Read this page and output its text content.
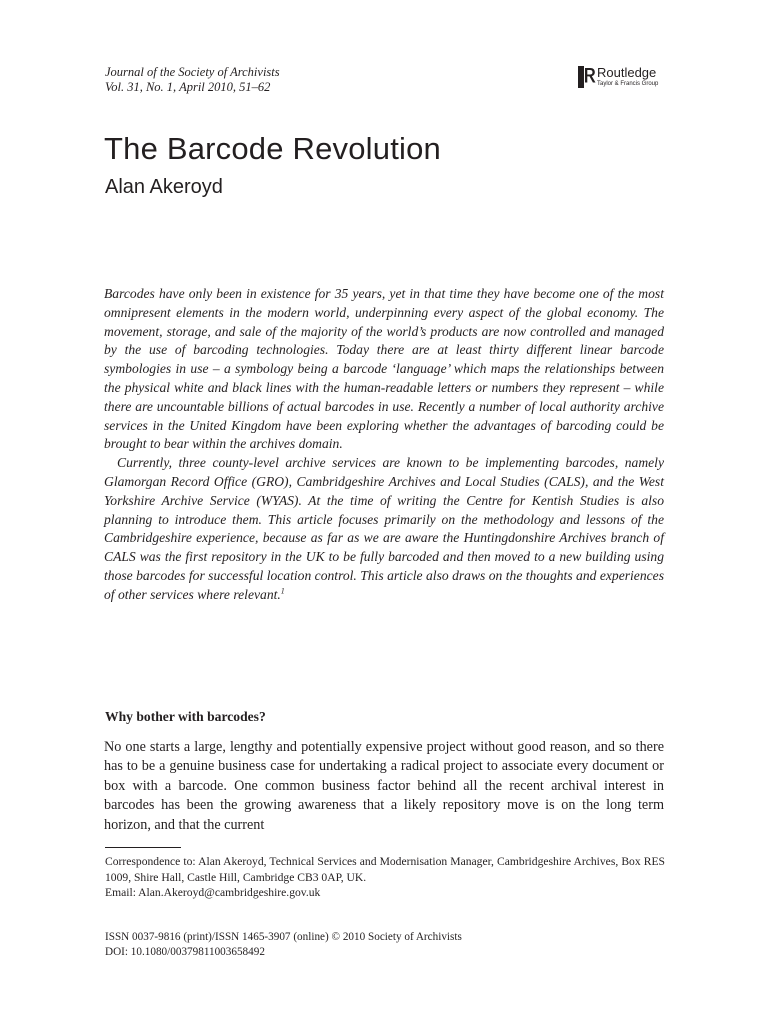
Journal of the Society of Archivists
Vol. 31, No. 1, April 2010, 51–62
Routledge
Taylor & Francis Group
The Barcode Revolution
Alan Akeroyd

Barcodes have only been in existence for 35 years, yet in that time they have become one of the most omnipresent elements in the modern world, underpinning every aspect of the global economy. The movement, storage, and sale of the majority of the world’s products are now controlled and managed by the use of barcoding technologies. Today there are at least thirty different linear barcode symbologies in use – a symbology being a barcode ‘language’ which maps the relationships between the physical white and black lines with the human-readable letters or numbers they represent – while there are uncountable billions of actual barcodes in use. Recently a number of local authority archive services in the United Kingdom have been exploring whether the advantages of barcoding could be brought to bear within the archives domain.

Currently, three county-level archive services are known to be implementing barcodes, namely Glamorgan Record Office (GRO), Cambridgeshire Archives and Local Studies (CALS), and the West Yorkshire Archive Service (WYAS). At the time of writing the Centre for Kentish Studies is also planning to introduce them. This article focuses primarily on the methodology and lessons of the Cambridgeshire experience, because as far as we are aware the Huntingdonshire Archives branch of CALS was the first repository in the UK to be fully barcoded and then moved to a new building using those barcodes for successful location control. This article also draws on the thoughts and experiences of other services where relevant.$^1$

Why bother with barcodes?

No one starts a large, lengthy and potentially expensive project without good reason, and so there has to be a genuine business case for undertaking a radical project to associate every document or box with a barcode. One common business factor behind all the recent archival interest in barcodes has been the growing awareness that a likely repository move is on the long term horizon, and that the current

Correspondence to: Alan Akeroyd, Technical Services and Modernisation Manager, Cambridgeshire Archives, Box RES 1009, Shire Hall, Castle Hill, Cambridge CB3 0AP, UK.
Email: Alan.Akeroyd@cambridgeshire.gov.uk
ISSN 0037-9816 (print)/ISSN 1465-3907 (online) © 2010 Society of Archivists
DOI: 10.1080/00379811003658492
